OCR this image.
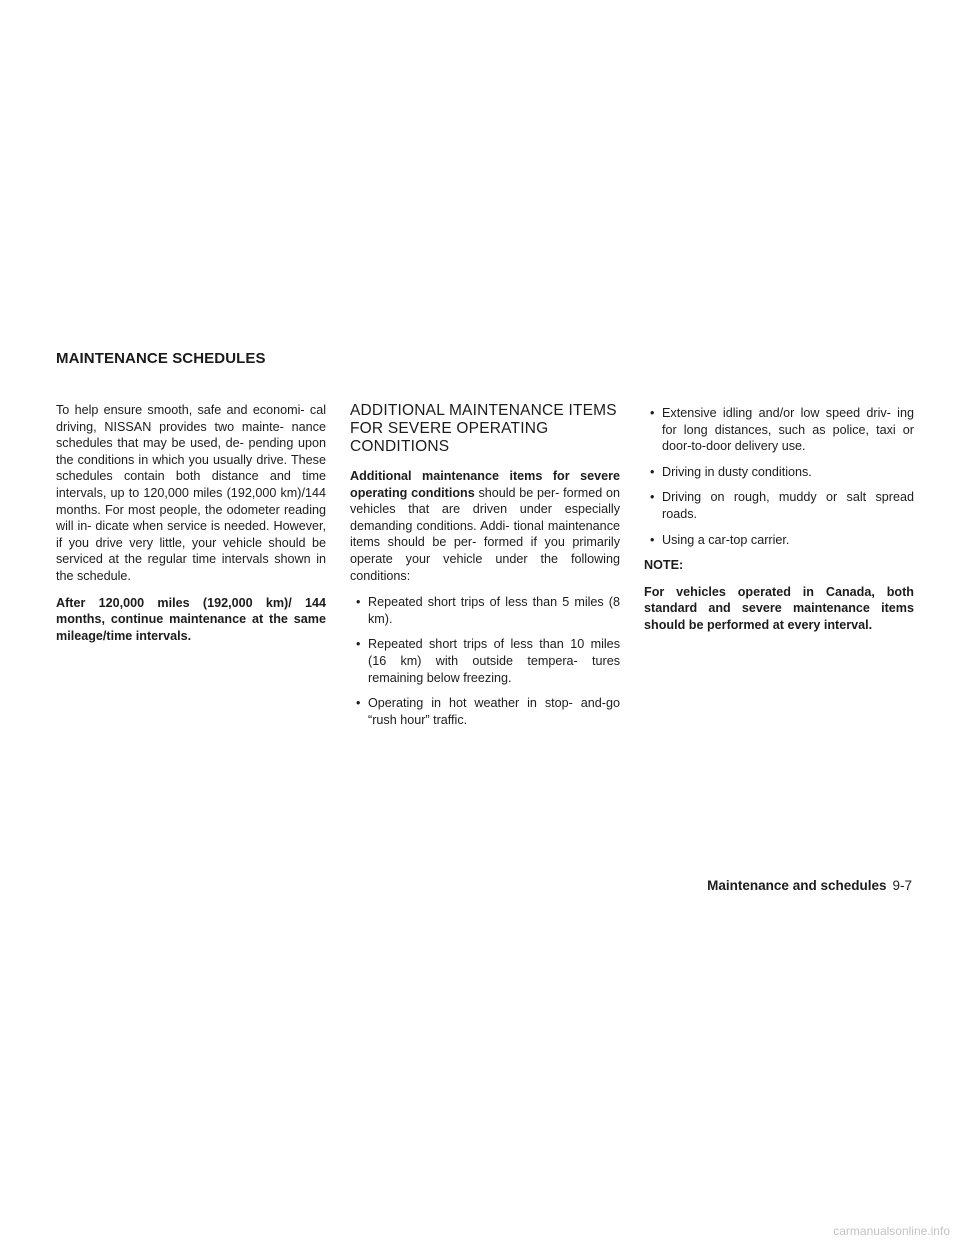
MAINTENANCE SCHEDULES

To help ensure smooth, safe and economi- cal driving, NISSAN provides two mainte- nance schedules that may be used, de- pending upon the conditions in which you usually drive. These schedules contain both distance and time intervals, up to 120,000 miles (192,000 km)/144 months. For most people, the odometer reading will in- dicate when service is needed. However, if you drive very little, your vehicle should be serviced at the regular time intervals shown in the schedule.

After 120,000 miles (192,000 km)/ 144 months, continue maintenance at the same mileage/time intervals.

ADDITIONAL MAINTENANCE ITEMS FOR SEVERE OPERATING CONDITIONS

Additional maintenance items for severe operating conditions should be per- formed on vehicles that are driven under especially demanding conditions. Addi- tional maintenance items should be per- formed if you primarily operate your vehicle under the following conditions:

• Repeated short trips of less than 5 miles (8 km).
• Repeated short trips of less than 10 miles (16 km) with outside tempera- tures remaining below freezing.
• Operating in hot weather in stop- and-go “rush hour” traffic.
• Extensive idling and/or low speed driv- ing for long distances, such as police, taxi or door-to-door delivery use.
• Driving in dusty conditions.
• Driving on rough, muddy or salt spread roads.
• Using a car-top carrier.

NOTE:

For vehicles operated in Canada, both standard and severe maintenance items should be performed at every interval.

Maintenance and schedules 9-7
carmanualsonline.info
